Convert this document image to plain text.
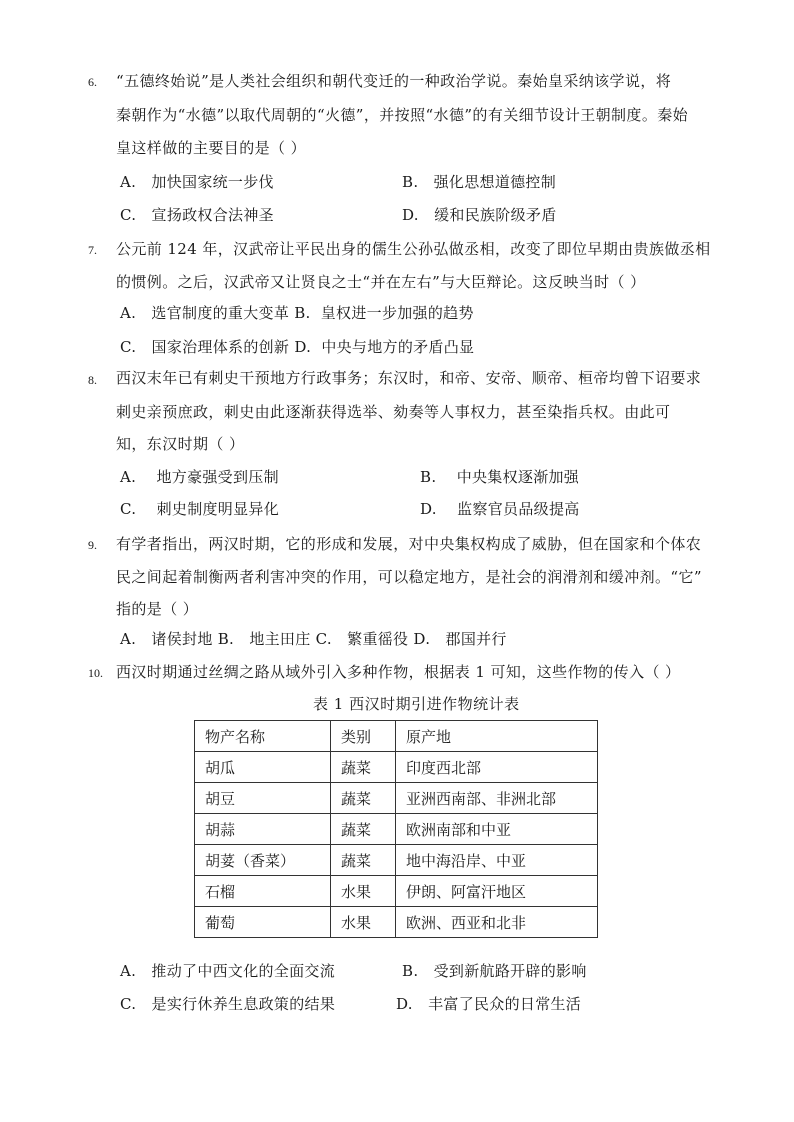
6. “五德终始说”是人类社会组织和朝代变迁的一种政治学说。秦始皇采纳该学说，将
秦朝作为“水德”以取代周朝的“火德”，并按照“水德”的有关细节设计王朝制度。秦始
皇这样做的主要目的是（ ）
A. 加快国家统一步伐	B. 强化思想道德控制
C. 宣扬政权合法神圣	D. 缓和民族阶级矛盾
7. 公元前 124 年，汉武帝让平民出身的儒生公孙弘做丞相，改变了即位早期由贵族做丞相
的惯例。之后，汉武帝又让贤良之士“并在左右”与大臣辩论。这反映当时（ ）
A. 选官制度的重大变革 B. 皇权进一步加强的趋势
C. 国家治理体系的创新 D. 中央与地方的矛盾凸显
8. 西汉末年已有刺史干预地方行政事务；东汉时，和帝、安帝、顺帝、桓帝均曾下诏要求
刺史亲预庶政，刺史由此逐渐获得选举、劾奏等人事权力，甚至染指兵权。由此可
知，东汉时期（ ）
A. 地方豪强受到压制	B. 中央集权逐渐加强
C. 刺史制度明显异化	D. 监察官员品级提高
9. 有学者指出，两汉时期，它的形成和发展，对中央集权构成了威胁，但在国家和个体农
民之间起着制衡两者利害冲突的作用，可以稳定地方，是社会的润滑剂和缓冲剂。“它”
指的是（ ）
A. 诸侯封地 B. 地主田庄 C. 繁重徭役 D. 郡国并行
10. 西汉时期通过丝绸之路从域外引入多种作物，根据表 1 可知，这些作物的传入（ ）
表 1 西汉时期引进作物统计表
物产名称	类别	原产地
胡瓜	蔬菜	印度西北部
胡豆	蔬菜	亚洲西南部、非洲北部
胡蒜	蔬菜	欧洲南部和中亚
胡荽（香菜）	蔬菜	地中海沿岸、中亚
石榴	水果	伊朗、阿富汗地区
葡萄	水果	欧洲、西亚和北非
A. 推动了中西文化的全面交流	B. 受到新航路开辟的影响
C. 是实行休养生息政策的结果	D. 丰富了民众的日常生活
